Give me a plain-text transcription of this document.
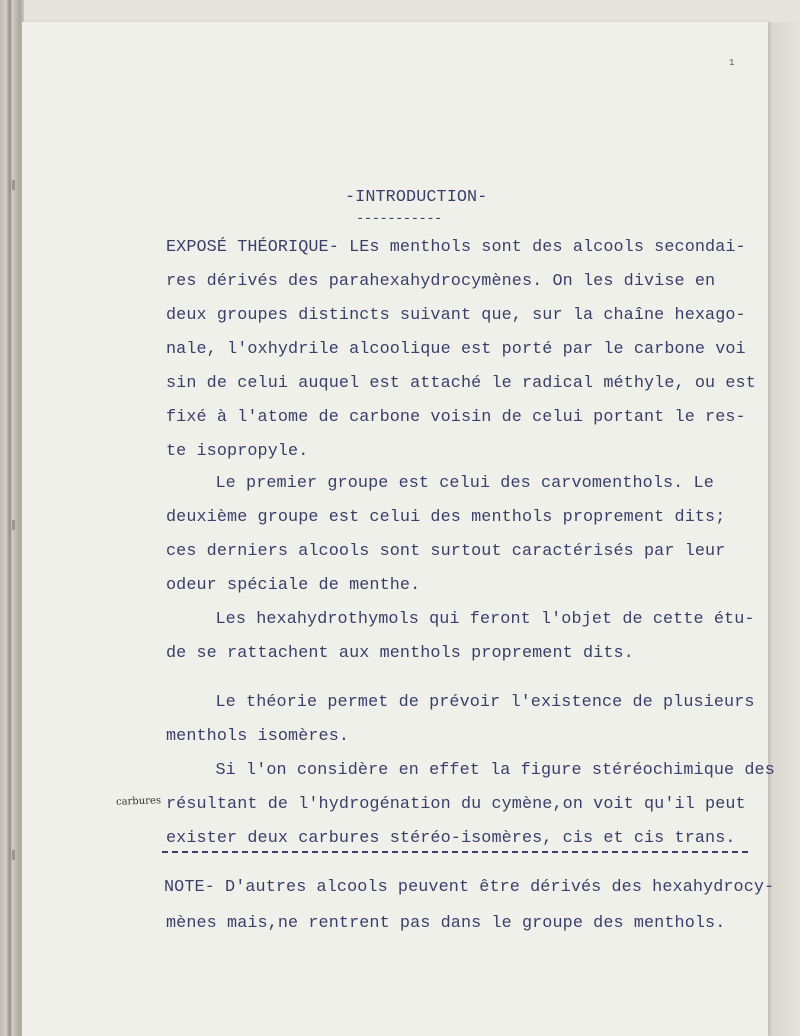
1
-INTRODUCTION-
-----------

EXPOSÉ THÉORIQUE- LEs menthols sont des alcools secondai-

res dérivés des parahexahydrocymènes. On les divise en

deux groupes distincts suivant que, sur la chaîne hexago-

nale, l'oxhydrile alcoolique est porté par le carbone voi

sin de celui auquel est attaché le radical méthyle, ou est

fixé à l'atome de carbone voisin de celui portant le res-

te isopropyle.

Le premier groupe est celui des carvomenthols. Le

deuxième groupe est celui des menthols proprement dits;

ces derniers alcools sont surtout caractérisés par leur

odeur spéciale de menthe.

Les hexahydrothymols qui feront l'objet de cette étu-

de se rattachent aux menthols proprement dits.

Le théorie permet de prévoir l'existence de plusieurs

menthols isomères.

Si l'on considère en effet la figure stéréochimique des

résultant de l'hydrogénation du cymène,on voit qu'il peut

exister deux carbures stéréo-isomères, cis et cis trans.

NOTE- D'autres alcools peuvent être dérivés des hexahydrocy-

mènes mais,ne rentrent pas dans le groupe des menthols.

carbures
